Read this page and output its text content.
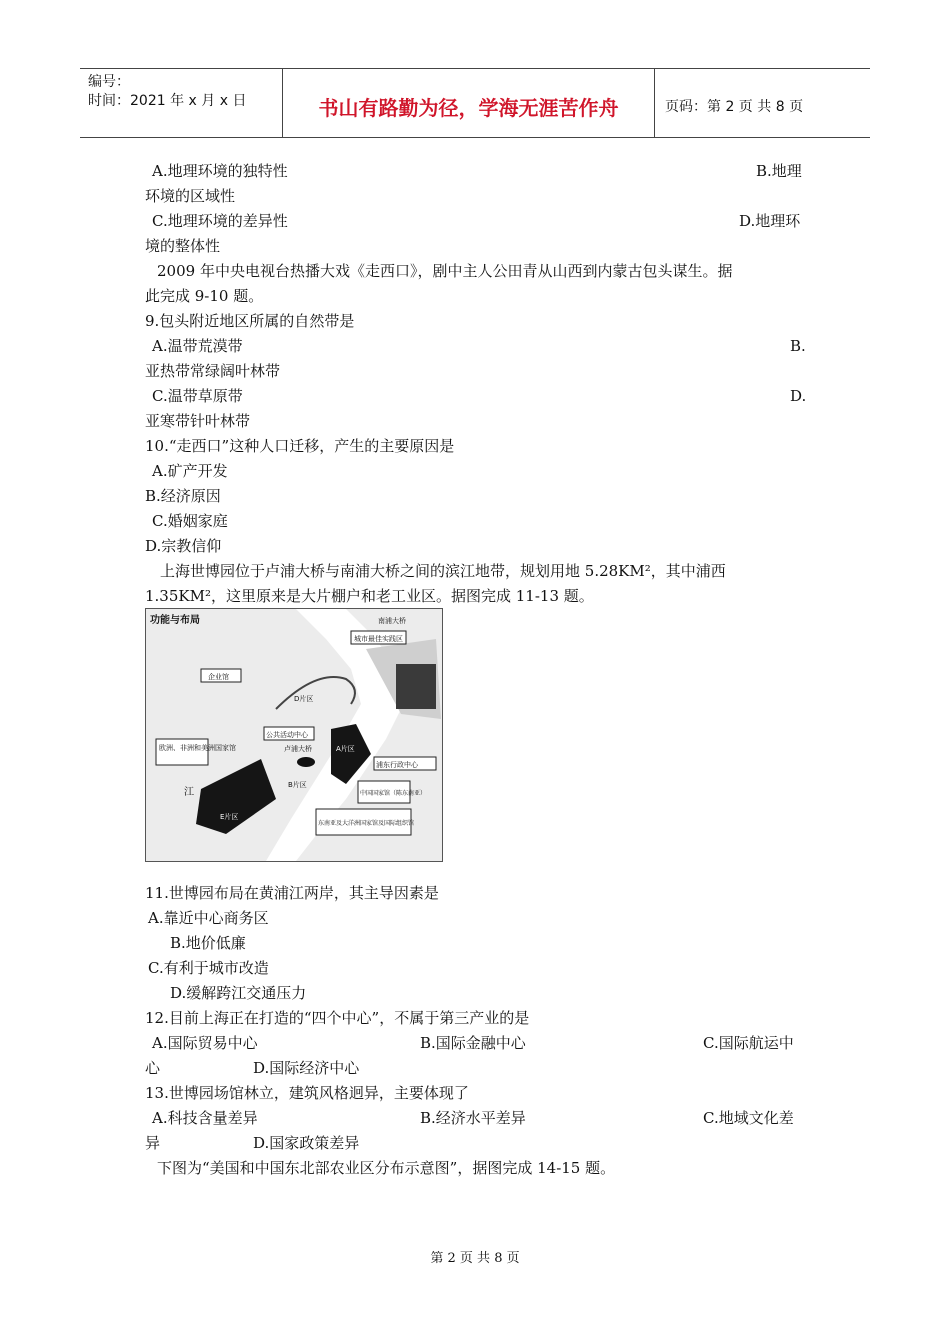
编号：
时间：2021 年 x 月 x 日	书山有路勤为径，学海无涯苦作舟	页码：第 2 页 共 8 页
A.地理环境的独特性	B.地理
环境的区域性
C.地理环境的差异性	D.地理环
境的整体性
2009 年中央电视台热播大戏《走西口》，剧中主人公田青从山西到内蒙古包头谋生。据
此完成 9-10 题。
9.包头附近地区所属的自然带是
A.温带荒漠带	B.
亚热带常绿阔叶林带
C.温带草原带	D.
亚寒带针叶林带
10.“走西口”这种人口迁移，产生的主要原因是
A.矿产开发
B.经济原因
C.婚姻家庭
D.宗教信仰
上海世博园位于卢浦大桥与南浦大桥之间的滨江地带，规划用地 5.28KM²，其中浦西
1.35KM²，这里原来是大片棚户和老工业区。据图完成 11-13 题。
功能与布局	南浦大桥
城市最佳实践区
企业馆
D片区
公共活动中心
卢浦大桥
欧洲、非洲和美洲国家馆	A片区
E片区
B片区
江
浦东行政中心
中国国家馆（陈东南亚）
东南亚及大洋洲国家馆及国际组织馆
11.世博园布局在黄浦江两岸，其主导因素是
A.靠近中心商务区
B.地价低廉
C.有利于城市改造
D.缓解跨江交通压力
12.目前上海正在打造的“四个中心”，不属于第三产业的是
A.国际贸易中心	B.国际金融中心	C.国际航运中
心	D.国际经济中心
13.世博园场馆林立，建筑风格迥异，主要体现了
A.科技含量差异	B.经济水平差异	C.地域文化差
异	D.国家政策差异
下图为“美国和中国东北部农业区分布示意图”，据图完成 14-15 题。
第 2 页 共 8 页
